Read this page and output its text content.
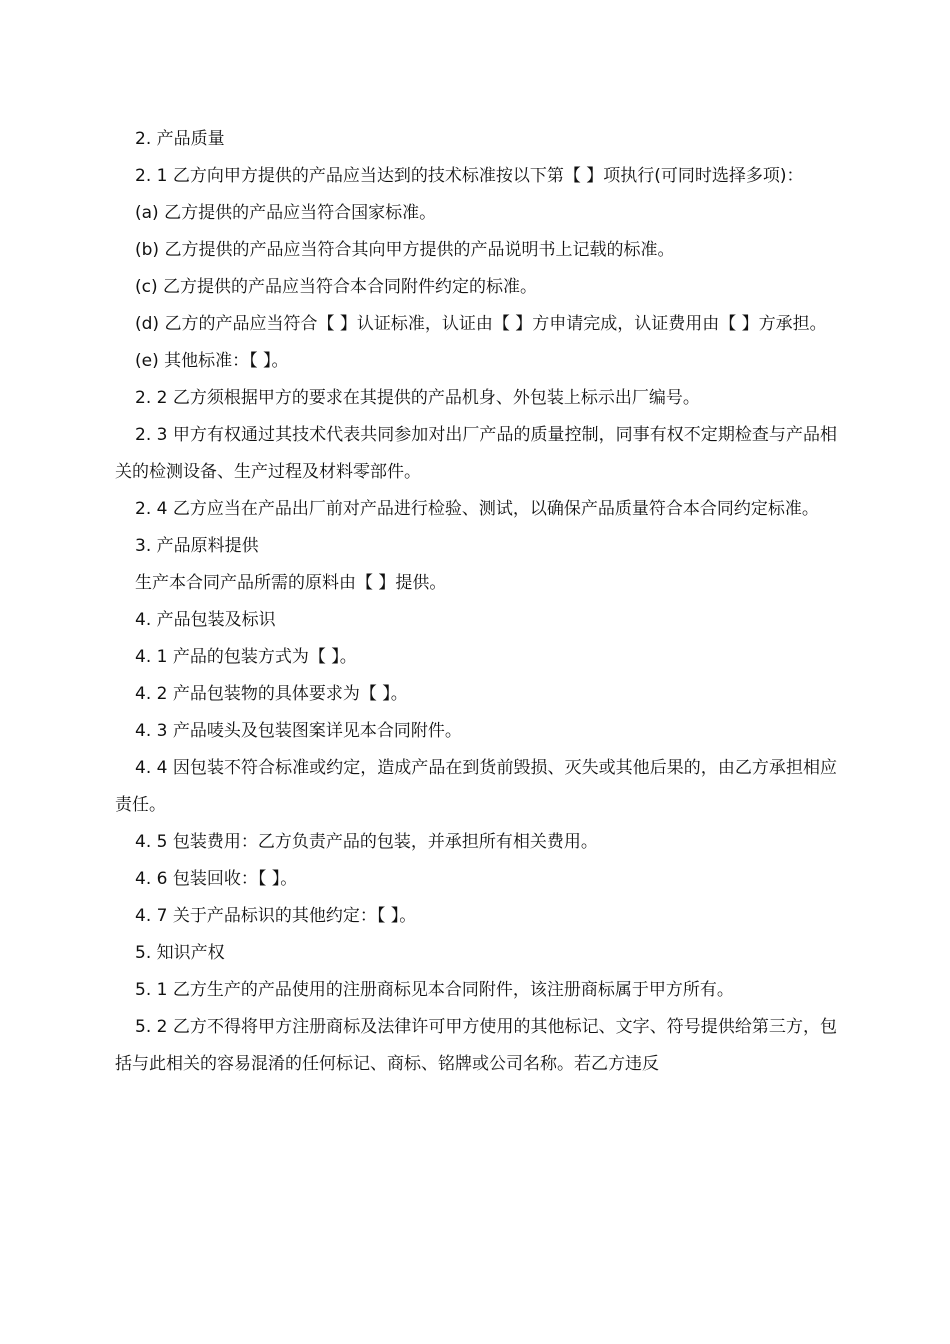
2. 产品质量

2. 1 乙方向甲方提供的产品应当达到的技术标准按以下第【 】项执行(可同时选择多项)：

(a) 乙方提供的产品应当符合国家标准。

(b) 乙方提供的产品应当符合其向甲方提供的产品说明书上记载的标准。

(c) 乙方提供的产品应当符合本合同附件约定的标准。

(d) 乙方的产品应当符合【 】认证标准，认证由【 】方申请完成，认证费用由【 】方承担。

(e) 其他标准：【 】。

2. 2 乙方须根据甲方的要求在其提供的产品机身、外包装上标示出厂编号。

2. 3 甲方有权通过其技术代表共同参加对出厂产品的质量控制，同事有权不定期检查与产品相关的检测设备、生产过程及材料零部件。

2. 4 乙方应当在产品出厂前对产品进行检验、测试，以确保产品质量符合本合同约定标准。

3. 产品原料提供

生产本合同产品所需的原料由【 】提供。

4. 产品包装及标识

4. 1 产品的包装方式为【 】。

4. 2 产品包装物的具体要求为【 】。

4. 3 产品唛头及包装图案详见本合同附件。

4. 4 因包装不符合标准或约定，造成产品在到货前毁损、灭失或其他后果的，由乙方承担相应责任。

4. 5 包装费用：乙方负责产品的包装，并承担所有相关费用。

4. 6 包装回收：【 】。

4. 7 关于产品标识的其他约定：【 】。

5. 知识产权

5. 1 乙方生产的产品使用的注册商标见本合同附件，该注册商标属于甲方所有。

5. 2 乙方不得将甲方注册商标及法律许可甲方使用的其他标记、文字、符号提供给第三方，包括与此相关的容易混淆的任何标记、商标、铭牌或公司名称。若乙方违反
